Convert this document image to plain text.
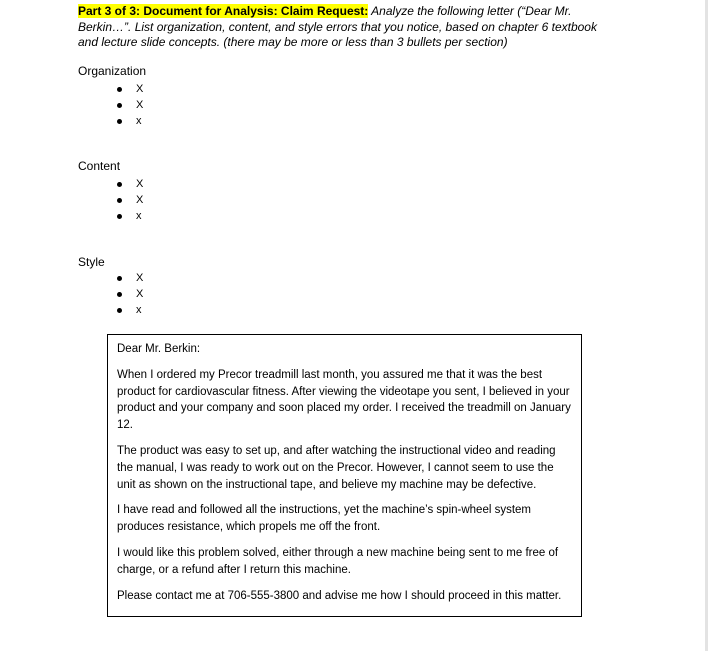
Part 3 of 3: Document for Analysis: Claim Request: Analyze the following letter (“Dear Mr. Berkin…”. List organization, content, and style errors that you notice, based on chapter 6 textbook and lecture slide concepts. (there may be more or less than 3 bullets per section)
Organization
X
X
x
Content
X
X
x
Style
X
X
x

Dear Mr. Berkin:

When I ordered my Precor treadmill last month, you assured me that it was the best product for cardiovascular fitness. After viewing the videotape you sent, I believed in your product and your company and soon placed my order. I received the treadmill on January 12.

The product was easy to set up, and after watching the instructional video and reading the manual, I was ready to work out on the Precor. However, I cannot seem to use the unit as shown on the instructional tape, and believe my machine may be defective.

I have read and followed all the instructions, yet the machine’s spin-wheel system produces resistance, which propels me off the front.

I would like this problem solved, either through a new machine being sent to me free of charge, or a refund after I return this machine.

Please contact me at 706-555-3800 and advise me how I should proceed in this matter.
